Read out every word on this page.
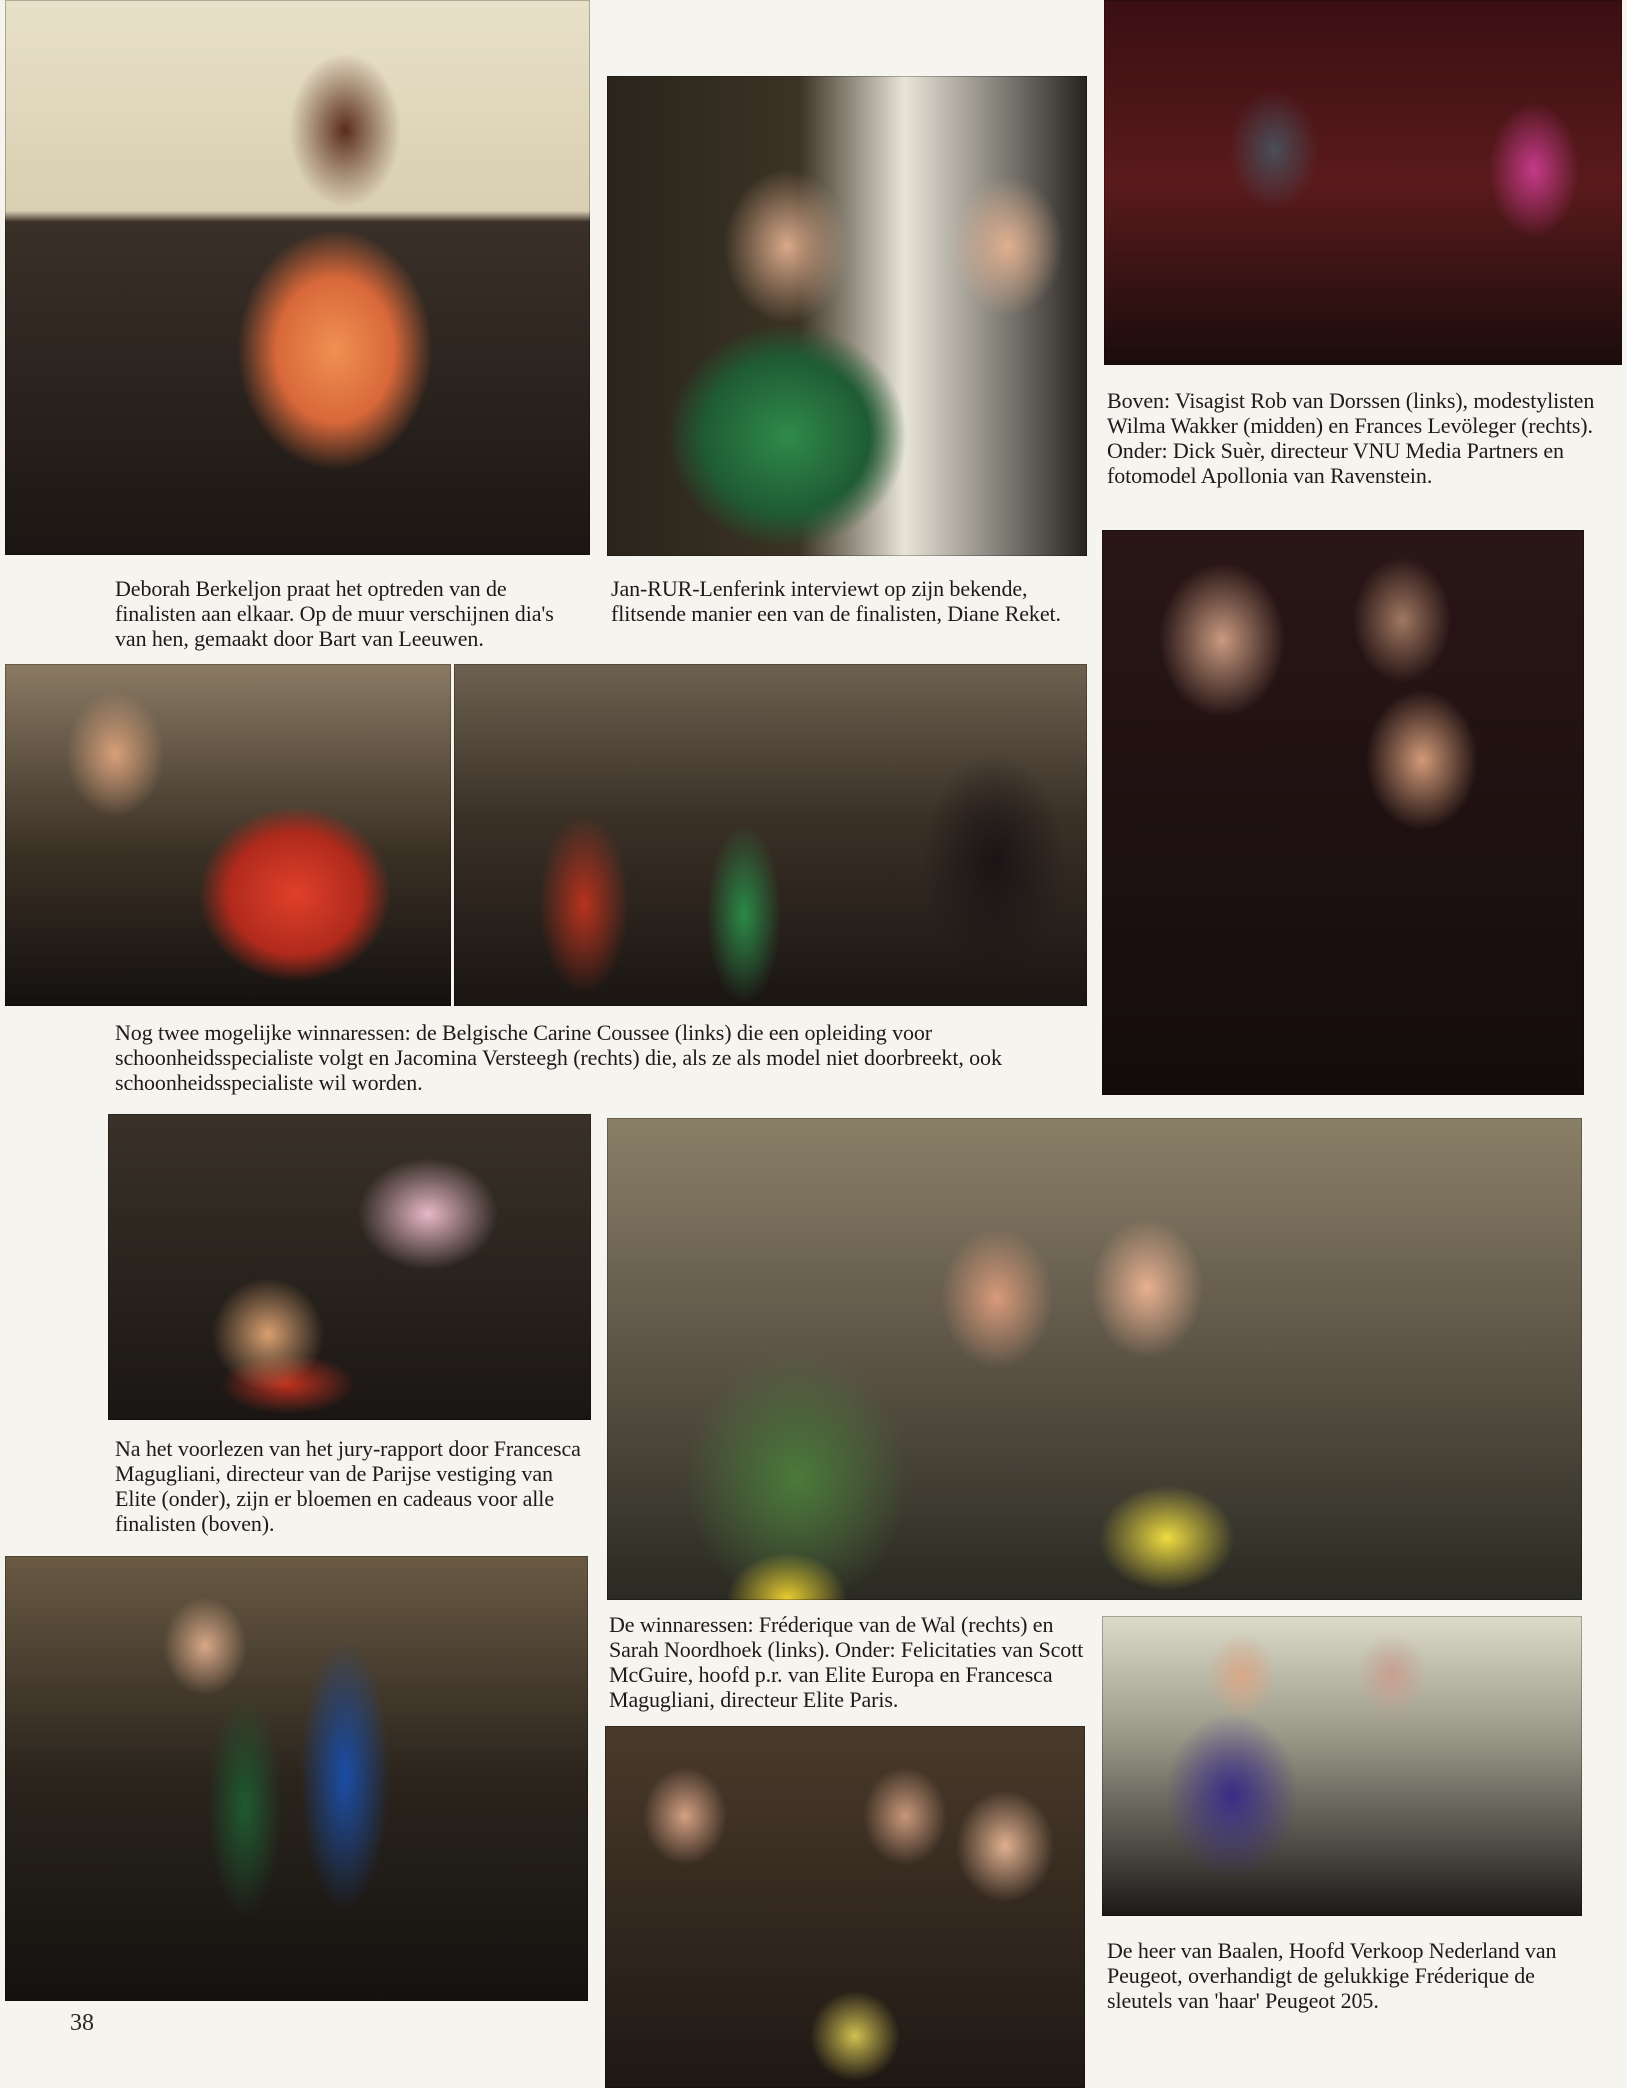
Boven: Visagist Rob van Dorssen (links), modestylisten Wilma Wakker (midden) en Frances Levöleger (rechts). Onder: Dick Suèr, directeur VNU Media Partners en fotomodel Apollonia van Ravenstein.

Deborah Berkeljon praat het optreden van de finalisten aan elkaar. Op de muur verschijnen dia's van hen, gemaakt door Bart van Leeuwen.

Jan-RUR-Lenferink interviewt op zijn bekende, flitsende manier een van de finalisten, Diane Reket.

Nog twee mogelijke winnaressen: de Belgische Carine Coussee (links) die een opleiding voor schoonheidsspecialiste volgt en Jacomina Versteegh (rechts) die, als ze als model niet doorbreekt, ook schoonheidsspecialiste wil worden.

Na het voorlezen van het jury-rapport door Francesca Magugliani, directeur van de Parijse vestiging van Elite (onder), zijn er bloemen en cadeaus voor alle finalisten (boven).

De winnaressen: Fréderique van de Wal (rechts) en Sarah Noordhoek (links). Onder: Felicitaties van Scott McGuire, hoofd p.r. van Elite Europa en Francesca Magugliani, directeur Elite Paris.

De heer van Baalen, Hoofd Verkoop Nederland van Peugeot, overhandigt de gelukkige Fréderique de sleutels van 'haar' Peugeot 205.

38
